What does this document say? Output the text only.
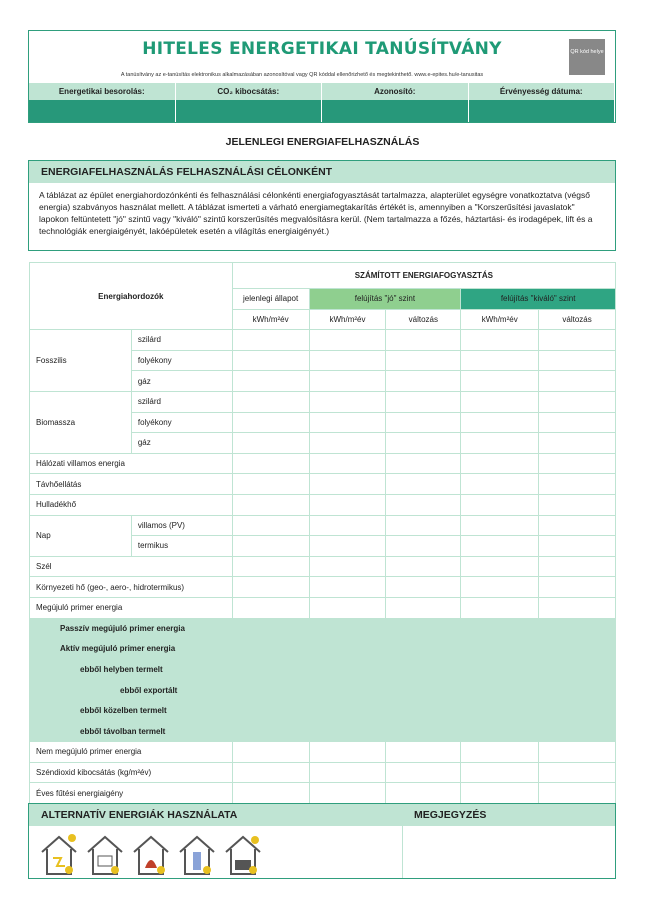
HITELES ENERGETIKAI TANÚSÍTVÁNY
A tanúsítvány az e-tanúsítás elektronikus alkalmazásában azonosítóval vagy QR kóddal ellenőrizhető és megtekinthető. www.e-epites.hu/e-tanusitas
QR kód helye
Energetikai besorolás:	CO₂ kibocsátás:	Azonosító:	Érvényesség dátuma:
JELENLEGI ENERGIAFELHASZNÁLÁS
ENERGIAFELHASZNÁLÁS FELHASZNÁLÁSI CÉLONKÉNT
A táblázat az épület energiahordozónkénti és felhasználási célonkénti energiafogyasztását tartalmazza, alapterület egységre vonatkoztatva (végső energia) szabványos használat mellett. A táblázat ismerteti a várható energiamegtakarítás értékét is, amennyiben a "Korszerűsítési javaslatok" lapokon feltüntetett "jó" szintű vagy "kiváló" szintű korszerűsítés megvalósításra kerül. (Nem tartalmazza a főzés, háztartási- és irodagépek, lift és a technológiák energiaigényét, lakóépületek esetén a világítás energiaigényét.)
Energiahordozók		SZÁMÍTOTT ENERGIAFOGYASZTÁS				
		jelenlegi állapot	felújítás "jó" szint		felújítás "kiváló" szint	
		kWh/m²év	kWh/m²év	változás	kWh/m²év	változás
Fosszilis	szilárd					
	folyékony					
	gáz					
Biomassza	szilárd					
	folyékony					
	gáz					
Hálózati villamos energia						
Távhőellátás						
Hulladékhő						
Nap	villamos (PV)					
	termikus					
Szél						
Környezeti hő (geo-, aero-, hidrotermikus)						
Megújuló primer energia						
Passzív megújuló primer energia						
Aktív megújuló primer energia						
ebből helyben termelt						
ebből exportált						
ebből közelben termelt						
ebből távolban termelt						
Nem megújuló primer energia						
Széndioxid kibocsátás (kg/m²év)						
Éves fűtési energiaigény						
ALTERNATÍV ENERGIÁK HASZNÁLATA	MEGJEGYZÉS
